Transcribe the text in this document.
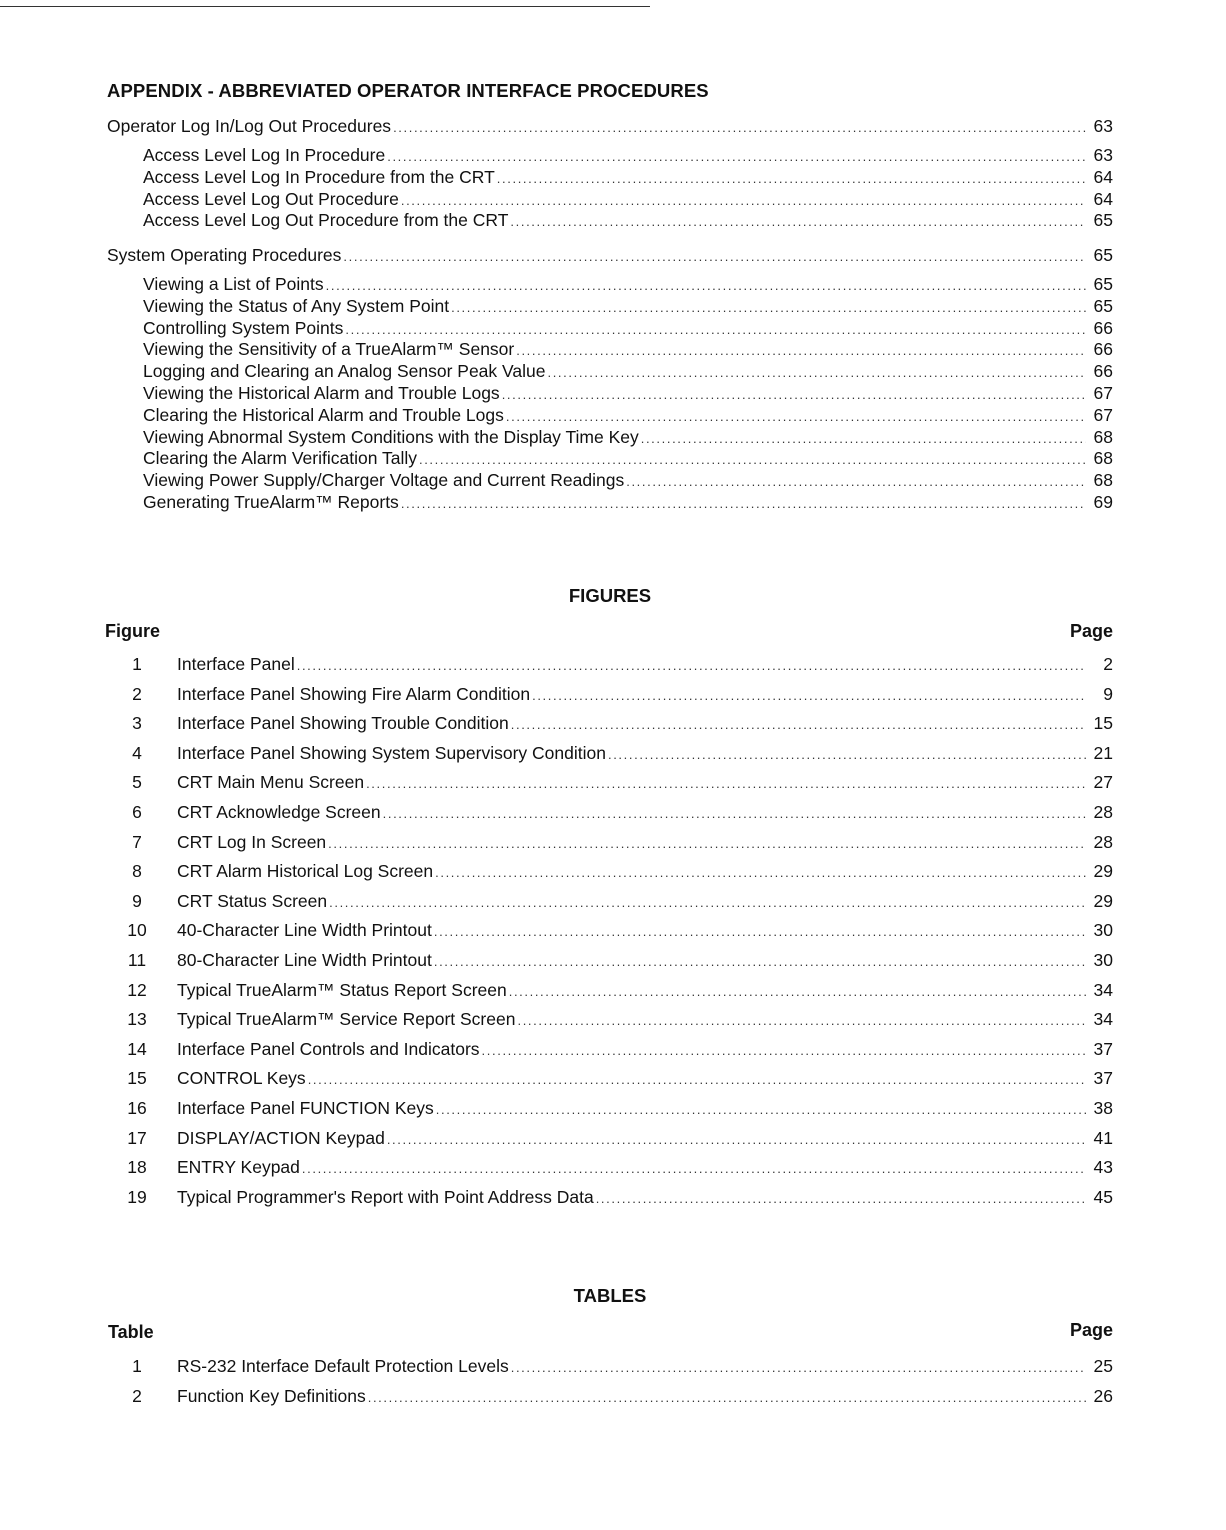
APPENDIX - ABBREVIATED OPERATOR INTERFACE PROCEDURES
Operator Log In/Log Out Procedures . . .	63
Access Level Log In Procedure . . .	63
Access Level Log In Procedure from the CRT . . .	64
Access Level Log Out Procedure . . .	64
Access Level Log Out Procedure from the CRT . . .	65
System Operating Procedures . . .	65
Viewing a List of Points . . .	65
Viewing the Status of Any System Point . . .	65
Controlling System Points . . .	66
Viewing the Sensitivity of a TrueAlarm™ Sensor . . .	66
Logging and Clearing an Analog Sensor Peak Value . . .	66
Viewing the Historical Alarm and Trouble Logs . . .	67
Clearing the Historical Alarm and Trouble Logs . . .	67
Viewing Abnormal System Conditions with the Display Time Key . . .	68
Clearing the Alarm Verification Tally . . .	68
Viewing Power Supply/Charger Voltage and Current Readings . . .	68
Generating TrueAlarm™ Reports . . .	69
FIGURES
Figure	Page
1	Interface Panel . . .	2
2	Interface Panel Showing Fire Alarm Condition . . .	9
3	Interface Panel Showing Trouble Condition . . .	15
4	Interface Panel Showing System Supervisory Condition . . .	21
5	CRT Main Menu Screen . . .	27
6	CRT Acknowledge Screen . . .	28
7	CRT Log In Screen . . .	28
8	CRT Alarm Historical Log Screen . . .	29
9	CRT Status Screen . . .	29
10	40-Character Line Width Printout . . .	30
11	80-Character Line Width Printout . . .	30
12	Typical TrueAlarm™ Status Report Screen . . .	34
13	Typical TrueAlarm™ Service Report Screen . . .	34
14	Interface Panel Controls and Indicators . . .	37
15	CONTROL Keys . . .	37
16	Interface Panel FUNCTION Keys . . .	38
17	DISPLAY/ACTION Keypad . . .	41
18	ENTRY Keypad . . .	43
19	Typical Programmer's Report with Point Address Data . . .	45
TABLES
Table	Page
1	RS-232 Interface Default Protection Levels . . .	25
2	Function Key Definitions . . .	26
